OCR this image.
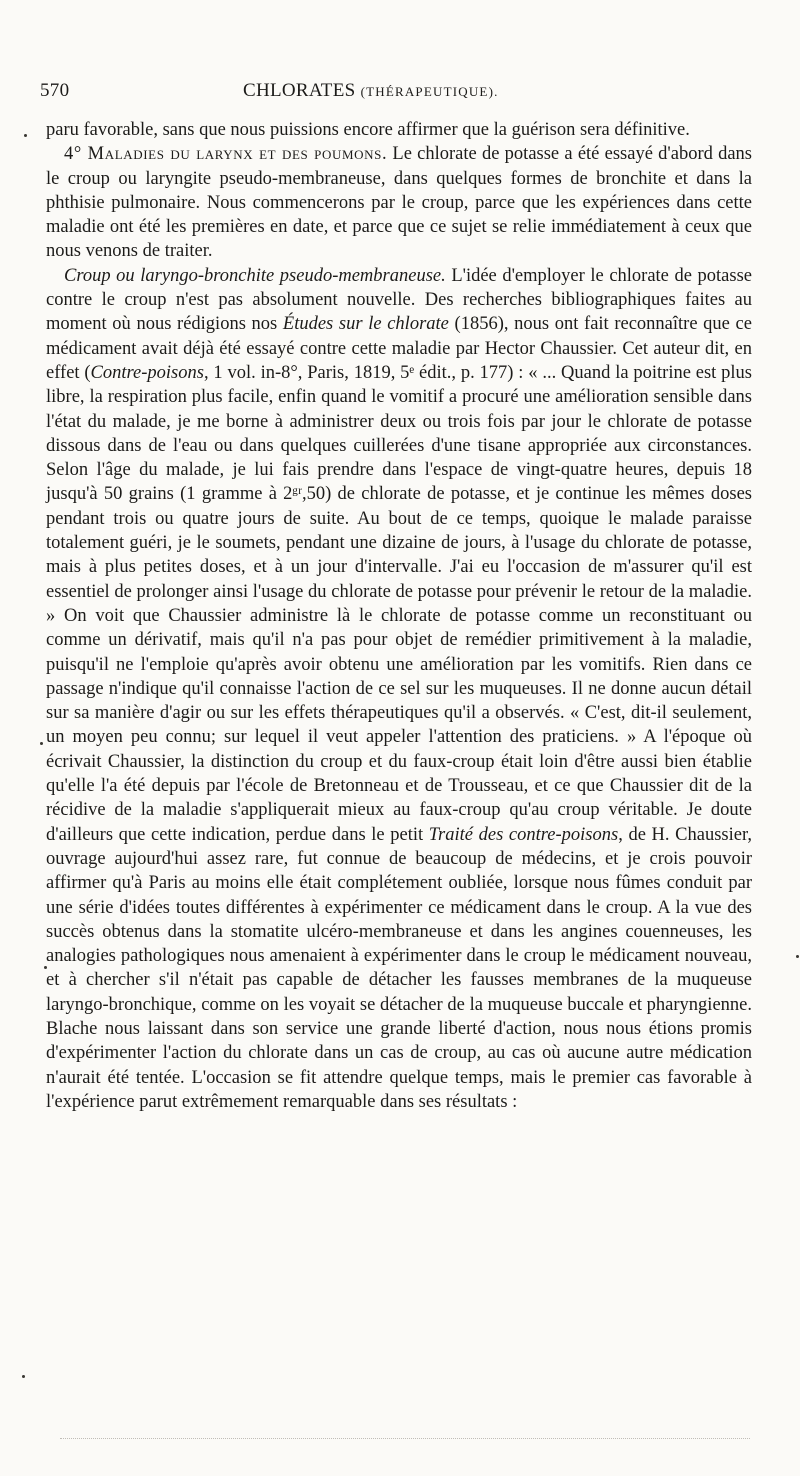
570	CHLORATES (THÉRAPEUTIQUE).

paru favorable, sans que nous puissions encore affirmer que la guérison sera définitive.

4° Maladies du larynx et des poumons. Le chlorate de potasse a été essayé d'abord dans le croup ou laryngite pseudo-membraneuse, dans quelques formes de bronchite et dans la phthisie pulmonaire. Nous commencerons par le croup, parce que les expériences dans cette maladie ont été les premières en date, et parce que ce sujet se relie immédiatement à ceux que nous venons de traiter.

Croup ou laryngo-bronchite pseudo-membraneuse. L'idée d'employer le chlorate de potasse contre le croup n'est pas absolument nouvelle. Des recherches bibliographiques faites au moment où nous rédigions nos Études sur le chlorate (1856), nous ont fait reconnaître que ce médicament avait déjà été essayé contre cette maladie par Hector Chaussier. Cet auteur dit, en effet (Contre-poisons, 1 vol. in-8°, Paris, 1819, 5ᵉ édit., p. 177) : « ... Quand la poitrine est plus libre, la respiration plus facile, enfin quand le vomitif a procuré une amélioration sensible dans l'état du malade, je me borne à administrer deux ou trois fois par jour le chlorate de potasse dissous dans de l'eau ou dans quelques cuillerées d'une tisane appropriée aux circonstances. Selon l'âge du malade, je lui fais prendre dans l'espace de vingt-quatre heures, depuis 18 jusqu'à 50 grains (1 gramme à 2ᵍʳ,50) de chlorate de potasse, et je continue les mêmes doses pendant trois ou quatre jours de suite. Au bout de ce temps, quoique le malade paraisse totalement guéri, je le soumets, pendant une dizaine de jours, à l'usage du chlorate de potasse, mais à plus petites doses, et à un jour d'intervalle. J'ai eu l'occasion de m'assurer qu'il est essentiel de prolonger ainsi l'usage du chlorate de potasse pour prévenir le retour de la maladie. » On voit que Chaussier administre là le chlorate de potasse comme un reconstituant ou comme un dérivatif, mais qu'il n'a pas pour objet de remédier primitivement à la maladie, puisqu'il ne l'emploie qu'après avoir obtenu une amélioration par les vomitifs. Rien dans ce passage n'indique qu'il connaisse l'action de ce sel sur les muqueuses. Il ne donne aucun détail sur sa manière d'agir ou sur les effets thérapeutiques qu'il a observés. « C'est, dit-il seulement, un moyen peu connu; sur lequel il veut appeler l'attention des praticiens. » A l'époque où écrivait Chaussier, la distinction du croup et du faux-croup était loin d'être aussi bien établie qu'elle l'a été depuis par l'école de Bretonneau et de Trousseau, et ce que Chaussier dit de la récidive de la maladie s'appliquerait mieux au faux-croup qu'au croup véritable. Je doute d'ailleurs que cette indication, perdue dans le petit Traité des contre-poisons, de H. Chaussier, ouvrage aujourd'hui assez rare, fut connue de beaucoup de médecins, et je crois pouvoir affirmer qu'à Paris au moins elle était complétement oubliée, lorsque nous fûmes conduit par une série d'idées toutes différentes à expérimenter ce médicament dans le croup. A la vue des succès obtenus dans la stomatite ulcéro-membraneuse et dans les angines couenneuses, les analogies pathologiques nous amenaient à expérimenter dans le croup le médicament nouveau, et à chercher s'il n'était pas capable de détacher les fausses membranes de la muqueuse laryngo-bronchique, comme on les voyait se détacher de la muqueuse buccale et pharyngienne. Blache nous laissant dans son service une grande liberté d'action, nous nous étions promis d'expérimenter l'action du chlorate dans un cas de croup, au cas où aucune autre médication n'aurait été tentée. L'occasion se fit attendre quelque temps, mais le premier cas favorable à l'expérience parut extrêmement remarquable dans ses résultats :
